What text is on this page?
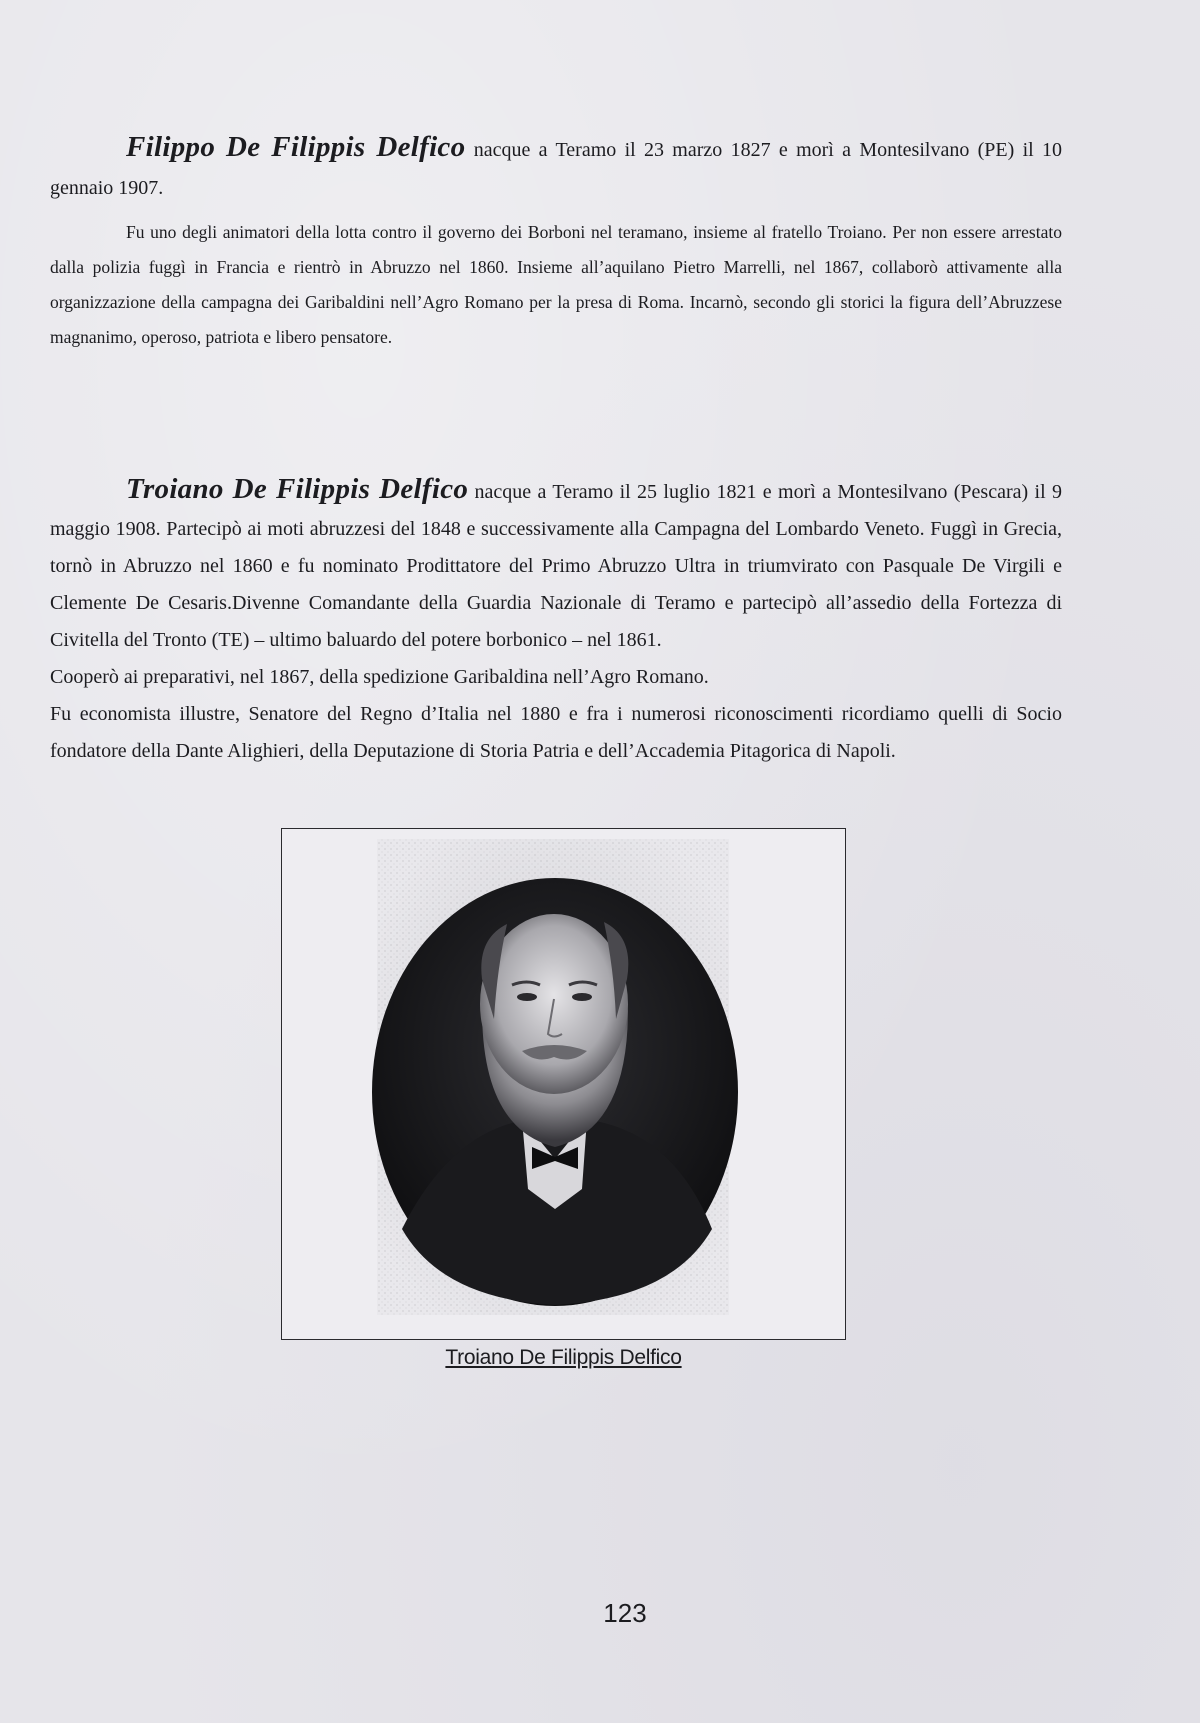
Filippo De Filippis Delfico nacque a Teramo il 23 marzo 1827 e morì a Montesilvano (PE) il 10 gennaio 1907.

Fu uno degli animatori della lotta contro il governo dei Borboni nel teramano, insieme al fratello Troiano. Per non essere arrestato dalla polizia fuggì in Francia e rientrò in Abruzzo nel 1860. Insieme all’aquilano Pietro Marrelli, nel 1867, collaborò attivamente alla organizzazione della campagna dei Garibaldini nell’Agro Romano per la presa di Roma. Incarnò, secondo gli storici la figura dell’Abruzzese magnanimo, operoso, patriota e libero pensatore.

Troiano De Filippis Delfico nacque a Teramo il 25 luglio 1821 e morì a Montesilvano (Pescara) il 9 maggio 1908. Partecipò ai moti abruzzesi del 1848 e successivamente alla Campagna del Lombardo Veneto. Fuggì in Grecia, tornò in Abruzzo nel 1860 e fu nominato Prodittatore del Primo Abruzzo Ultra in triumvirato con Pasquale De Virgili e Clemente De Cesaris.Divenne Comandante della Guardia Nazionale di Teramo e partecipò all’assedio della Fortezza di Civitella del Tronto (TE) – ultimo baluardo del potere borbonico – nel 1861.

Cooperò ai preparativi, nel 1867, della spedizione Garibaldina nell’Agro Romano.

Fu economista illustre, Senatore del Regno d’Italia nel 1880 e fra i numerosi riconoscimenti ricordiamo quelli di Socio fondatore della Dante Alighieri, della Deputazione di Storia Patria e dell’Accademia Pitagorica di Napoli.

Troiano De Filippis Delfico
123
